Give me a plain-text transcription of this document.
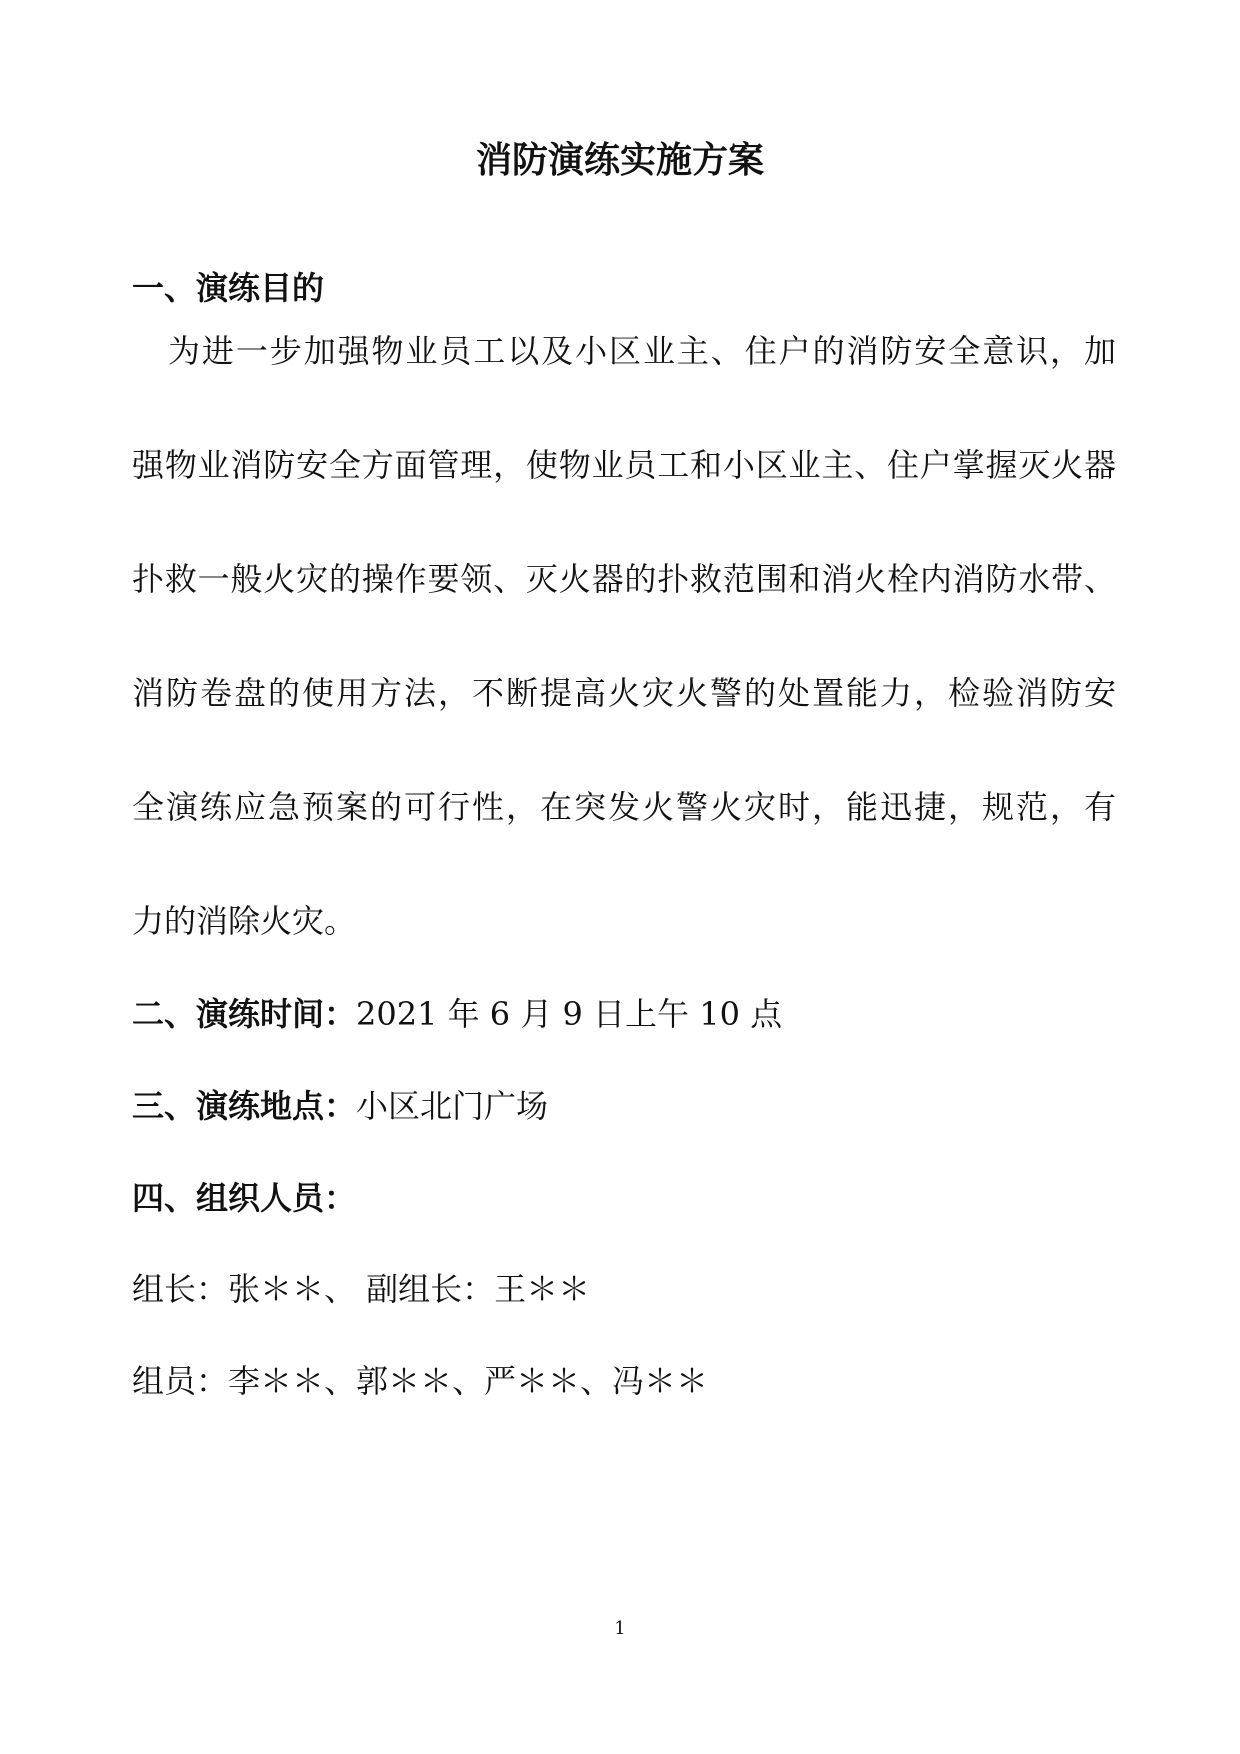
消防演练实施方案
一、演练目的

为进一步加强物业员工以及小区业主、住户的消防安全意识，加

强物业消防安全方面管理，使物业员工和小区业主、住户掌握灭火器

扑救一般火灾的操作要领、灭火器的扑救范围和消火栓内消防水带、

消防卷盘的使用方法，不断提高火灾火警的处置能力，检验消防安

全演练应急预案的可行性，在突发火警火灾时，能迅捷，规范，有

力的消除火灾。

二、演练时间：2021 年 6 月 9 日上午 10 点
三、演练地点：小区北门广场
四、组织人员：

组长：张＊＊、 副组长：王＊＊

组员：李＊＊、郭＊＊、严＊＊、冯＊＊

1
